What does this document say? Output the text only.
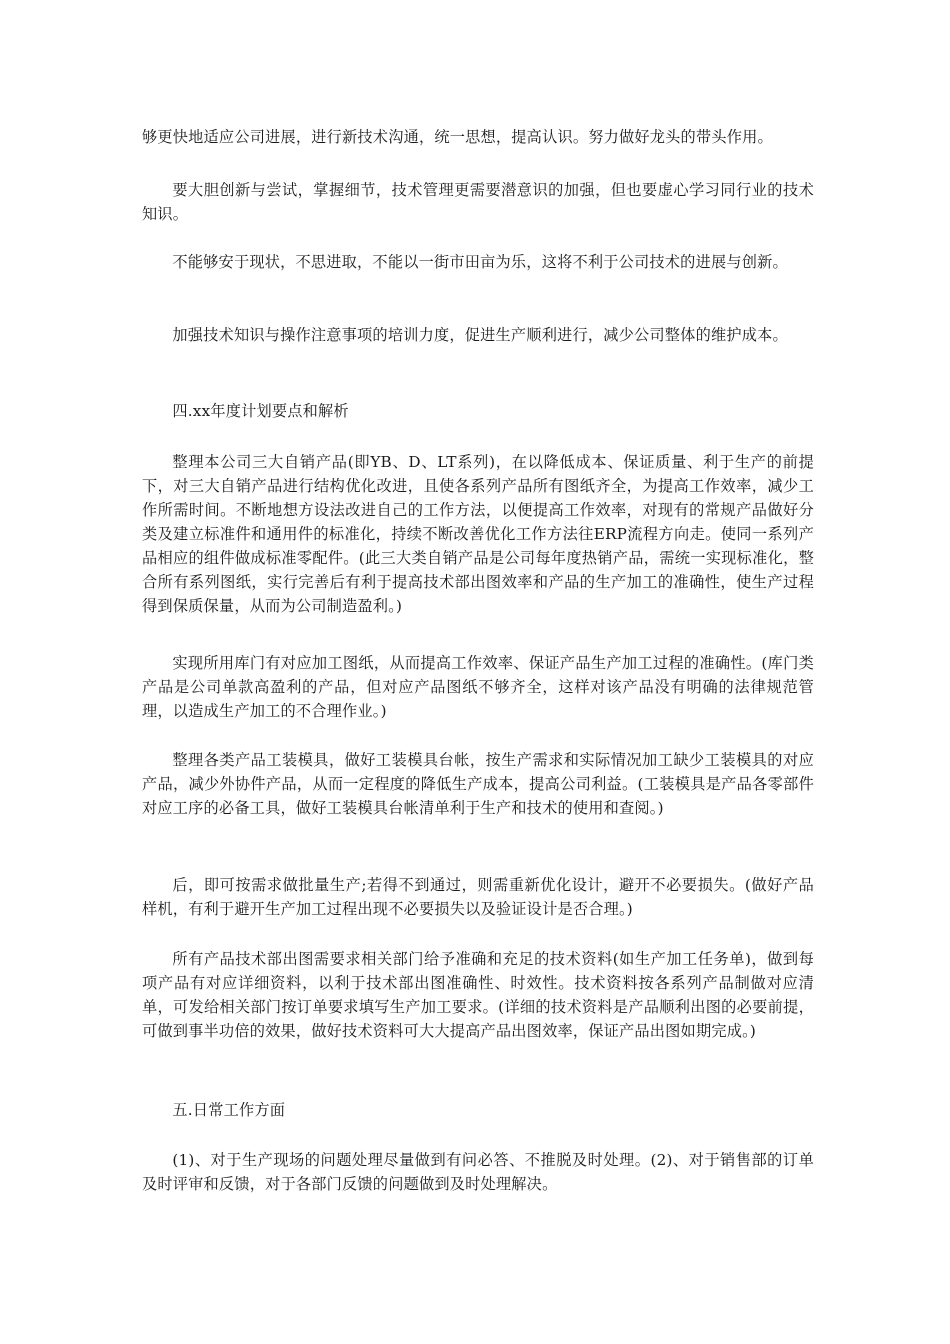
够更快地适应公司进展，进行新技术沟通，统一思想，提高认识。努力做好龙头的带头作用。

要大胆创新与尝试，掌握细节，技术管理更需要潜意识的加强，但也要虚心学习同行业的技术知识。

不能够安于现状，不思进取，不能以一街市田亩为乐，这将不利于公司技术的进展与创新。

加强技术知识与操作注意事项的培训力度，促进生产顺利进行，减少公司整体的维护成本。

四.xx年度计划要点和解析

整理本公司三大自销产品(即YB、D、LT系列)，在以降低成本、保证质量、利于生产的前提下，对三大自销产品进行结构优化改进，且使各系列产品所有图纸齐全，为提高工作效率，减少工作所需时间。不断地想方设法改进自己的工作方法，以便提高工作效率，对现有的常规产品做好分类及建立标准件和通用件的标准化，持续不断改善优化工作方法往ERP流程方向走。使同一系列产品相应的组件做成标准零配件。(此三大类自销产品是公司每年度热销产品，需统一实现标准化，整合所有系列图纸，实行完善后有利于提高技术部出图效率和产品的生产加工的准确性，使生产过程得到保质保量，从而为公司制造盈利。)

实现所用库门有对应加工图纸，从而提高工作效率、保证产品生产加工过程的准确性。(库门类产品是公司单款高盈利的产品，但对应产品图纸不够齐全，这样对该产品没有明确的法律规范管理，以造成生产加工的不合理作业。)

整理各类产品工装模具，做好工装模具台帐，按生产需求和实际情况加工缺少工装模具的对应产品，减少外协件产品，从而一定程度的降低生产成本，提高公司利益。(工装模具是产品各零部件对应工序的必备工具，做好工装模具台帐清单利于生产和技术的使用和查阅。)

后，即可按需求做批量生产;若得不到通过，则需重新优化设计，避开不必要损失。(做好产品样机，有利于避开生产加工过程出现不必要损失以及验证设计是否合理。)

所有产品技术部出图需要求相关部门给予准确和充足的技术资料(如生产加工任务单)，做到每项产品有对应详细资料，以利于技术部出图准确性、时效性。技术资料按各系列产品制做对应清单，可发给相关部门按订单要求填写生产加工要求。(详细的技术资料是产品顺利出图的必要前提，可做到事半功倍的效果，做好技术资料可大大提高产品出图效率，保证产品出图如期完成。)

五.日常工作方面

(1)、对于生产现场的问题处理尽量做到有问必答、不推脱及时处理。(2)、对于销售部的订单及时评审和反馈，对于各部门反馈的问题做到及时处理解决。
